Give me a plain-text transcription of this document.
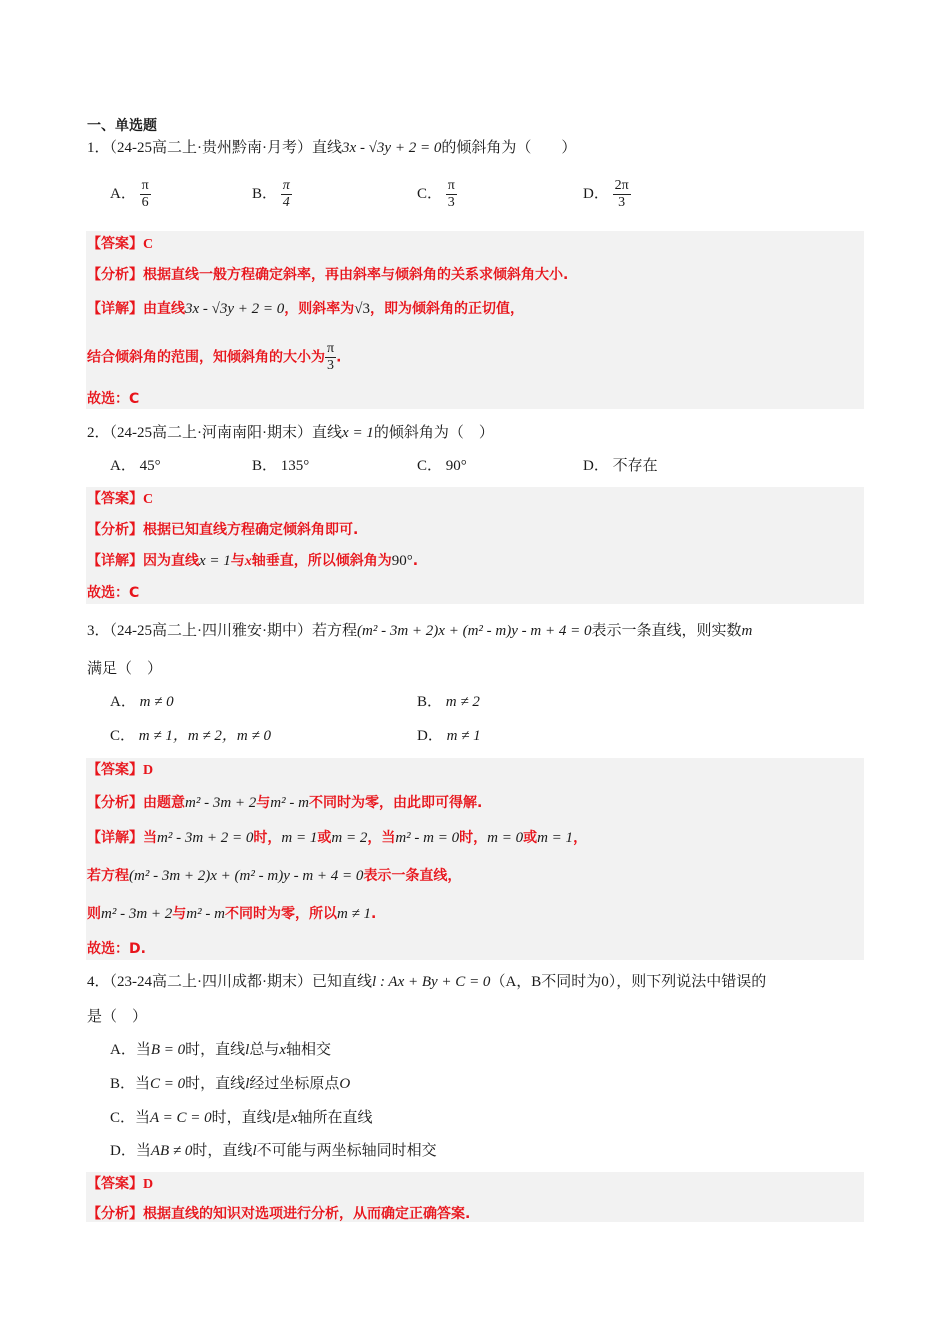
一、单选题
1．（24-25高二上·贵州黔南·月考）直线3x - √3y + 2 = 0的倾斜角为（　　）
A． $\frac{\pi}{6}$	B． $\frac{\pi}{4}$	C． $\frac{\pi}{3}$	D． $\frac{2\pi}{3}$
【答案】C
【分析】根据直线一般方程确定斜率，再由斜率与倾斜角的关系求倾斜角大小.
【详解】由直线3x - √3y + 2 = 0，则斜率为√3，即为倾斜角的正切值，
结合倾斜角的范围，知倾斜角的大小为 $\frac{\pi}{3}$ .
故选：C
2．（24-25高二上·河南南阳·期末）直线x = 1的倾斜角为（　）
A． 45°	B． 135°	C． 90°	D． 不存在
【答案】C
【分析】根据已知直线方程确定倾斜角即可.
【详解】因为直线x = 1与x轴垂直，所以倾斜角为90°.
故选：C
3．（24-25高二上·四川雅安·期中）若方程(m² - 3m + 2)x + (m² - m)y - m + 4 = 0表示一条直线，则实数m
满足（　）
A． m ≠ 0	B． m ≠ 2
C． m ≠ 1，m ≠ 2，m ≠ 0	D． m ≠ 1
【答案】D
【分析】由题意m² - 3m + 2与m² - m不同时为零，由此即可得解.
【详解】当m² - 3m + 2 = 0时，m = 1或m = 2，当m² - m = 0时，m = 0或m = 1，
若方程(m² - 3m + 2)x + (m² - m)y - m + 4 = 0表示一条直线，
则m² - 3m + 2与m² - m不同时为零，所以m ≠ 1.
故选：D.
4．（23-24高二上·四川成都·期末）已知直线l : Ax + By + C = 0（A，B不同时为0），则下列说法中错误的
是（　）
A．当B = 0时，直线l总与x轴相交
B．当C = 0时，直线l经过坐标原点O
C．当A = C = 0时，直线l是x轴所在直线
D．当AB ≠ 0时，直线l不可能与两坐标轴同时相交
【答案】D
【分析】根据直线的知识对选项进行分析，从而确定正确答案.
